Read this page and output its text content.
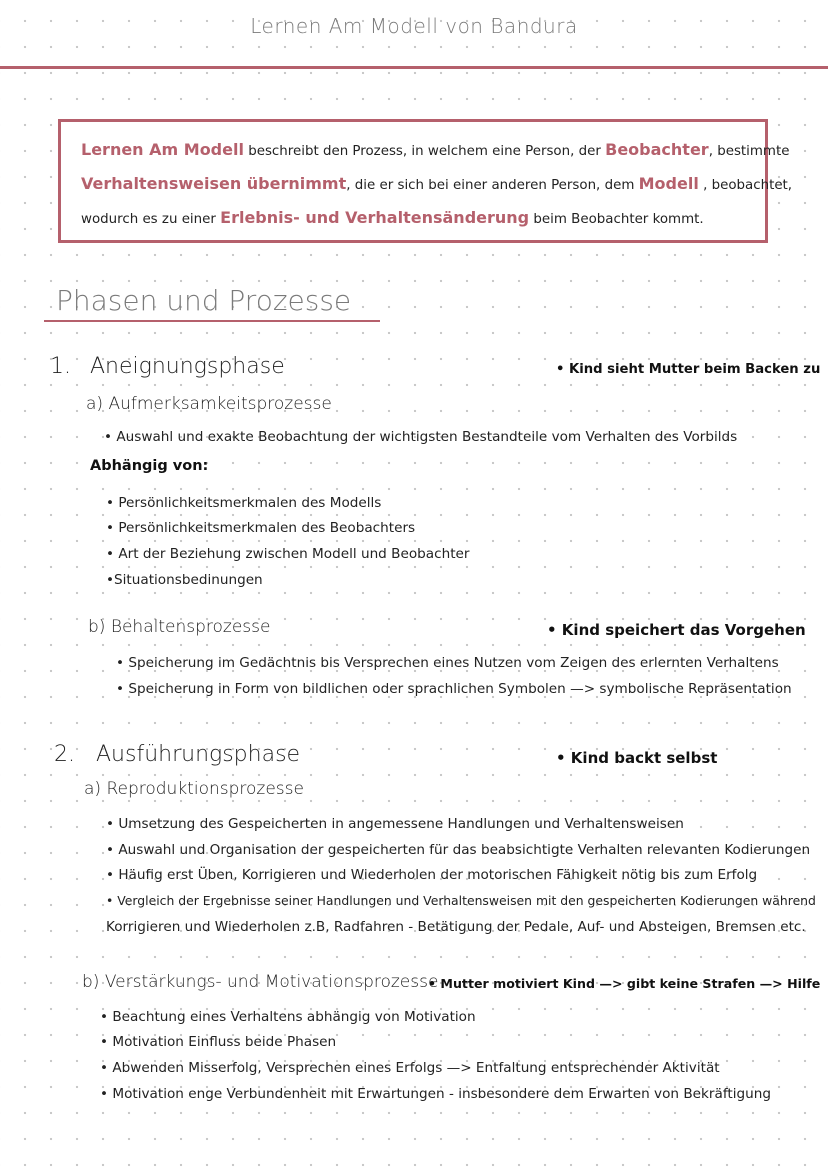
Lernen Am Modell von Bandura
Lernen Am Modell beschreibt den Prozess, in welchem eine Person, der Beobachter, bestimmte
Verhaltensweisen übernimmt, die er sich bei einer anderen Person, dem Modell , beobachtet,
wodurch es zu einer Erlebnis- und Verhaltensänderung beim Beobachter kommt.
Phasen und Prozesse
1. Aneignungsphase	• Kind sieht Mutter beim Backen zu
a) Aufmerksamkeitsprozesse
• Auswahl und exakte Beobachtung der wichtigsten Bestandteile vom Verhalten des Vorbilds
Abhängig von:
• Persönlichkeitsmerkmalen des Modells
• Persönlichkeitsmerkmalen des Beobachters
• Art der Beziehung zwischen Modell und Beobachter
•Situationsbedinungen
b) Behaltensprozesse	• Kind speichert das Vorgehen
• Speicherung im Gedächtnis bis Versprechen eines Nutzen vom Zeigen des erlernten Verhaltens
• Speicherung in Form von bildlichen oder sprachlichen Symbolen —> symbolische Repräsentation
2. Ausführungsphase	• Kind backt selbst
a) Reproduktionsprozesse
• Umsetzung des Gespeicherten in angemessene Handlungen und Verhaltensweisen
• Auswahl und Organisation der gespeicherten für das beabsichtigte Verhalten relevanten Kodierungen
• Häufig erst Üben, Korrigieren und Wiederholen der motorischen Fähigkeit nötig bis zum Erfolg
• Vergleich der Ergebnisse seiner Handlungen und Verhaltensweisen mit den gespeicherten Kodierungen während
Korrigieren und Wiederholen z.B, Radfahren - Betätigung der Pedale, Auf- und Absteigen, Bremsen etc.
b) Verstärkungs- und Motivationsprozesse
• Mutter motiviert Kind —> gibt keine Strafen —> Hilfe
• Beachtung eines Verhaltens abhängig von Motivation
• Motivation Einfluss beide Phasen
• Abwenden Misserfolg, Versprechen eines Erfolgs —> Entfaltung entsprechender Aktivität
• Motivation enge Verbundenheit mit Erwartungen - insbesondere dem Erwarten von Bekräftigung
